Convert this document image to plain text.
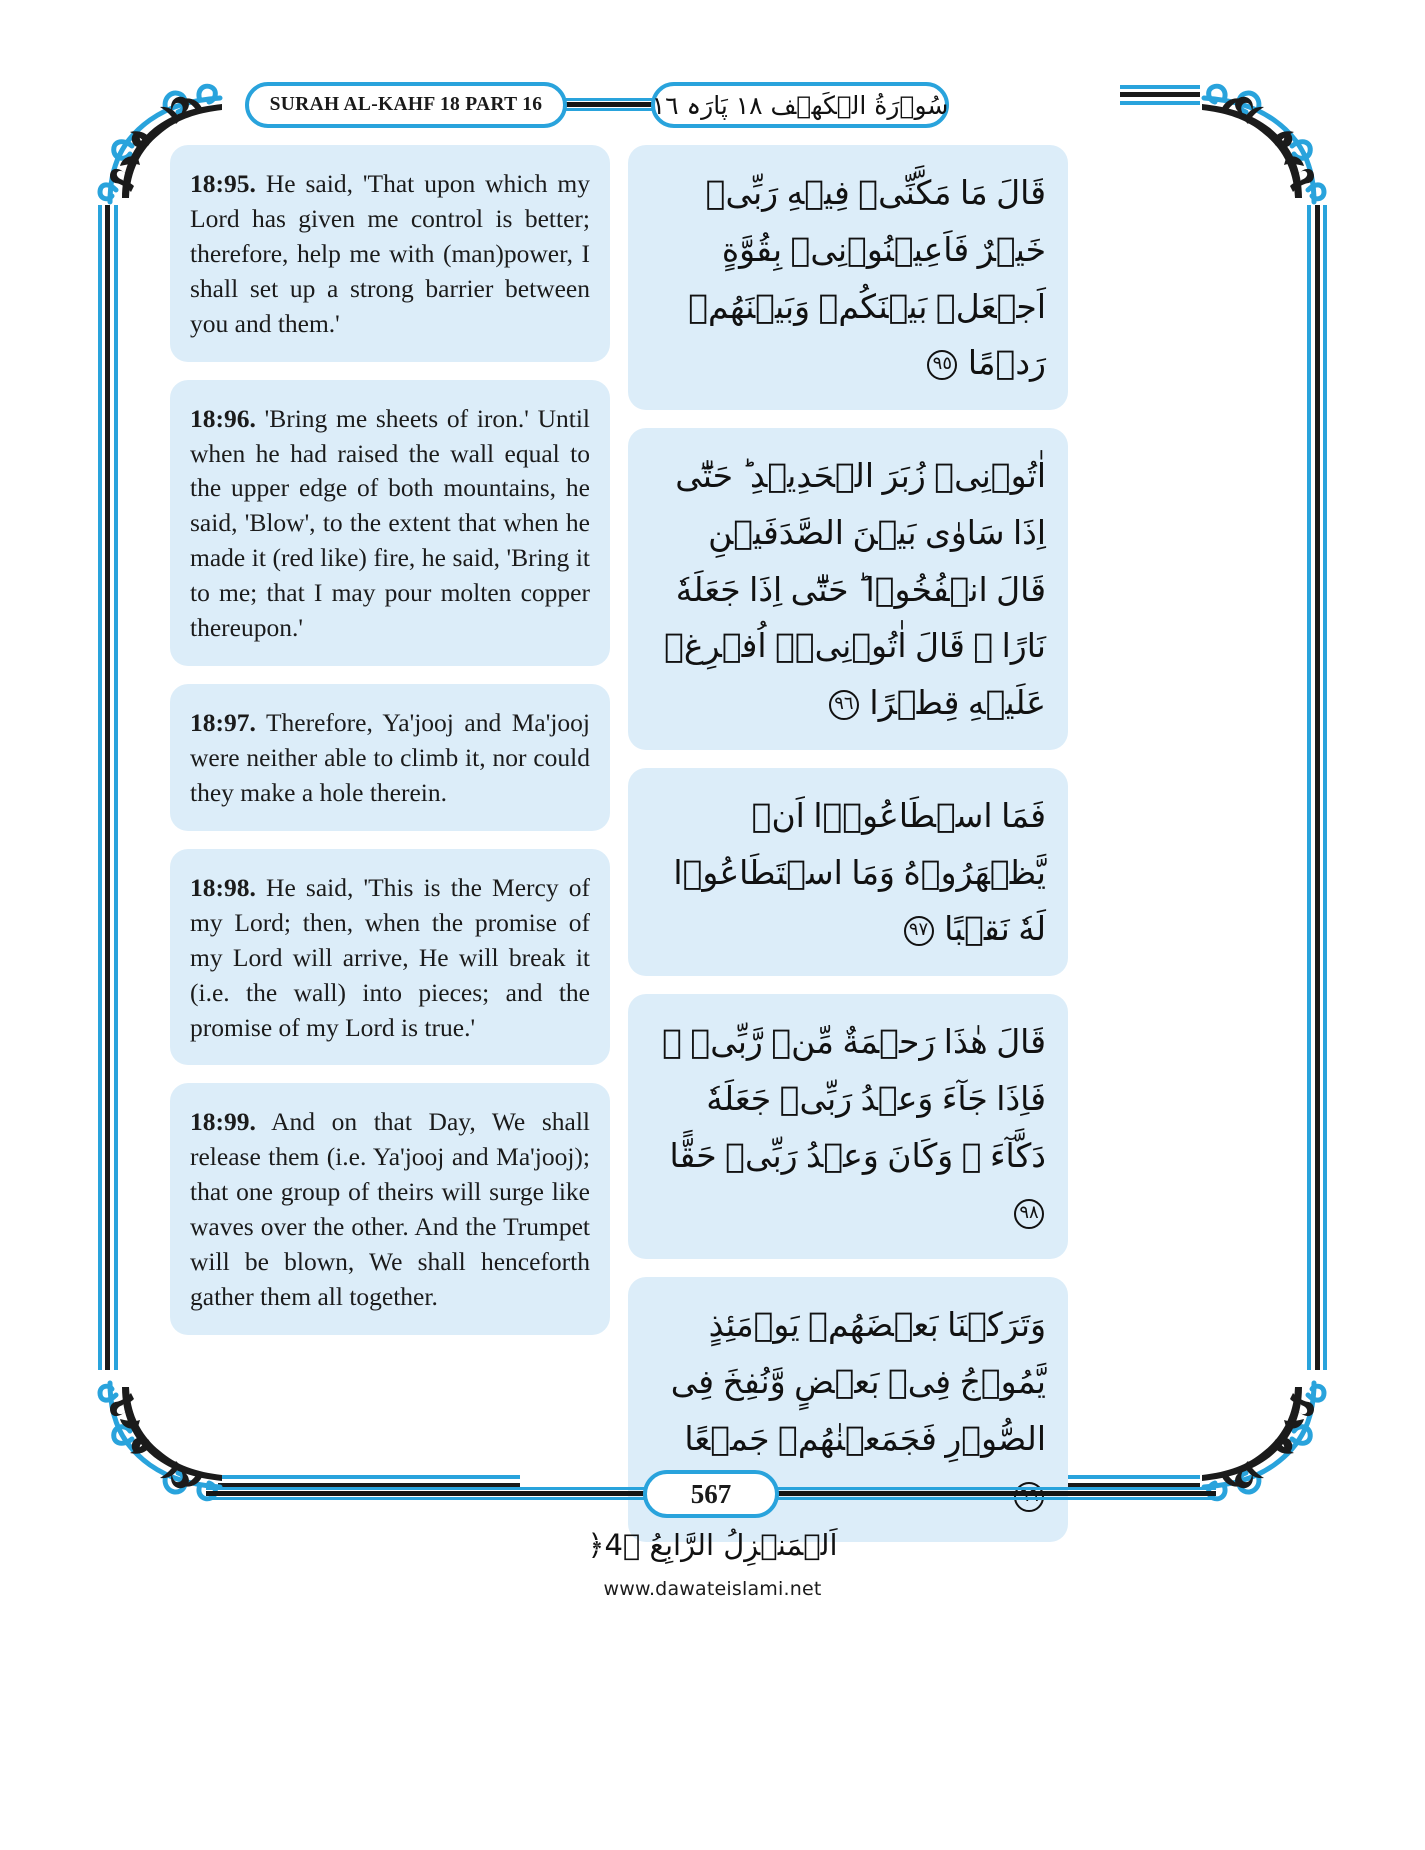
SURAH AL-KAHF 18 PART 16	سُوۡرَةُ الۡكَهۡف ١٨ پَارَہ ١٦
18:95. He said, 'That upon which my Lord has given me control is better; therefore, help me with (man)power, I shall set up a strong barrier between you and them.'
18:96. 'Bring me sheets of iron.' Until when he had raised the wall equal to the upper edge of both mountains, he said, 'Blow', to the extent that when he made it (red like) fire, he said, 'Bring it to me; that I may pour molten copper thereupon.'
18:97. Therefore, Ya'jooj and Ma'jooj were neither able to climb it, nor could they make a hole therein.
18:98. He said, 'This is the Mercy of my Lord; then, when the promise of my Lord will arrive, He will break it (i.e. the wall) into pieces; and the promise of my Lord is true.'
18:99. And on that Day, We shall release them (i.e. Ya'jooj and Ma'jooj); that one group of theirs will surge like waves over the other. And the Trumpet will be blown, We shall henceforth gather them all together.
قَالَ مَا مَكَّنِّىۡ فِيۡهِ رَبِّىۡ خَيۡرٌ فَاَعِيۡنُوۡنِىۡ بِقُوَّةٍ اَجۡعَلۡ بَيۡنَكُمۡ وَبَيۡنَهُمۡ رَدۡمًا ٩٥
اٰتُوۡنِىۡ زُبَرَ الۡحَدِيۡدِ ؕ حَتّٰٓى اِذَا سَاوٰى بَيۡنَ الصَّدَفَيۡنِ قَالَ انۡفُخُوۡا ؕ حَتّٰٓى اِذَا جَعَلَهٗ نَارًا ۙ قَالَ اٰتُوۡنِىۡۤ اُفۡرِغۡ عَلَيۡهِ قِطۡرًا ٩٦
فَمَا اسۡطَاعُوۡۤا اَنۡ يَّظۡهَرُوۡهُ وَمَا اسۡتَطَاعُوۡا لَهٗ نَقۡبًا ٩٧
قَالَ هٰذَا رَحۡمَةٌ مِّنۡ رَّبِّىۡ ۚ فَاِذَا جَآءَ وَعۡدُ رَبِّىۡ جَعَلَهٗ دَكَّآءَ ۚ وَكَانَ وَعۡدُ رَبِّىۡ حَقًّا ٩٨
وَتَرَكۡنَا بَعۡضَهُمۡ يَوۡمَئِذٍ يَّمُوۡجُ فِىۡ بَعۡضٍ وَّنُفِخَ فِى الصُّوۡرِ فَجَمَعۡنٰهُمۡ جَمۡعًا
567
اَلۡمَنۡزِلُ الرَّابِعُ ﴾4﴿
www.dawateislami.net
